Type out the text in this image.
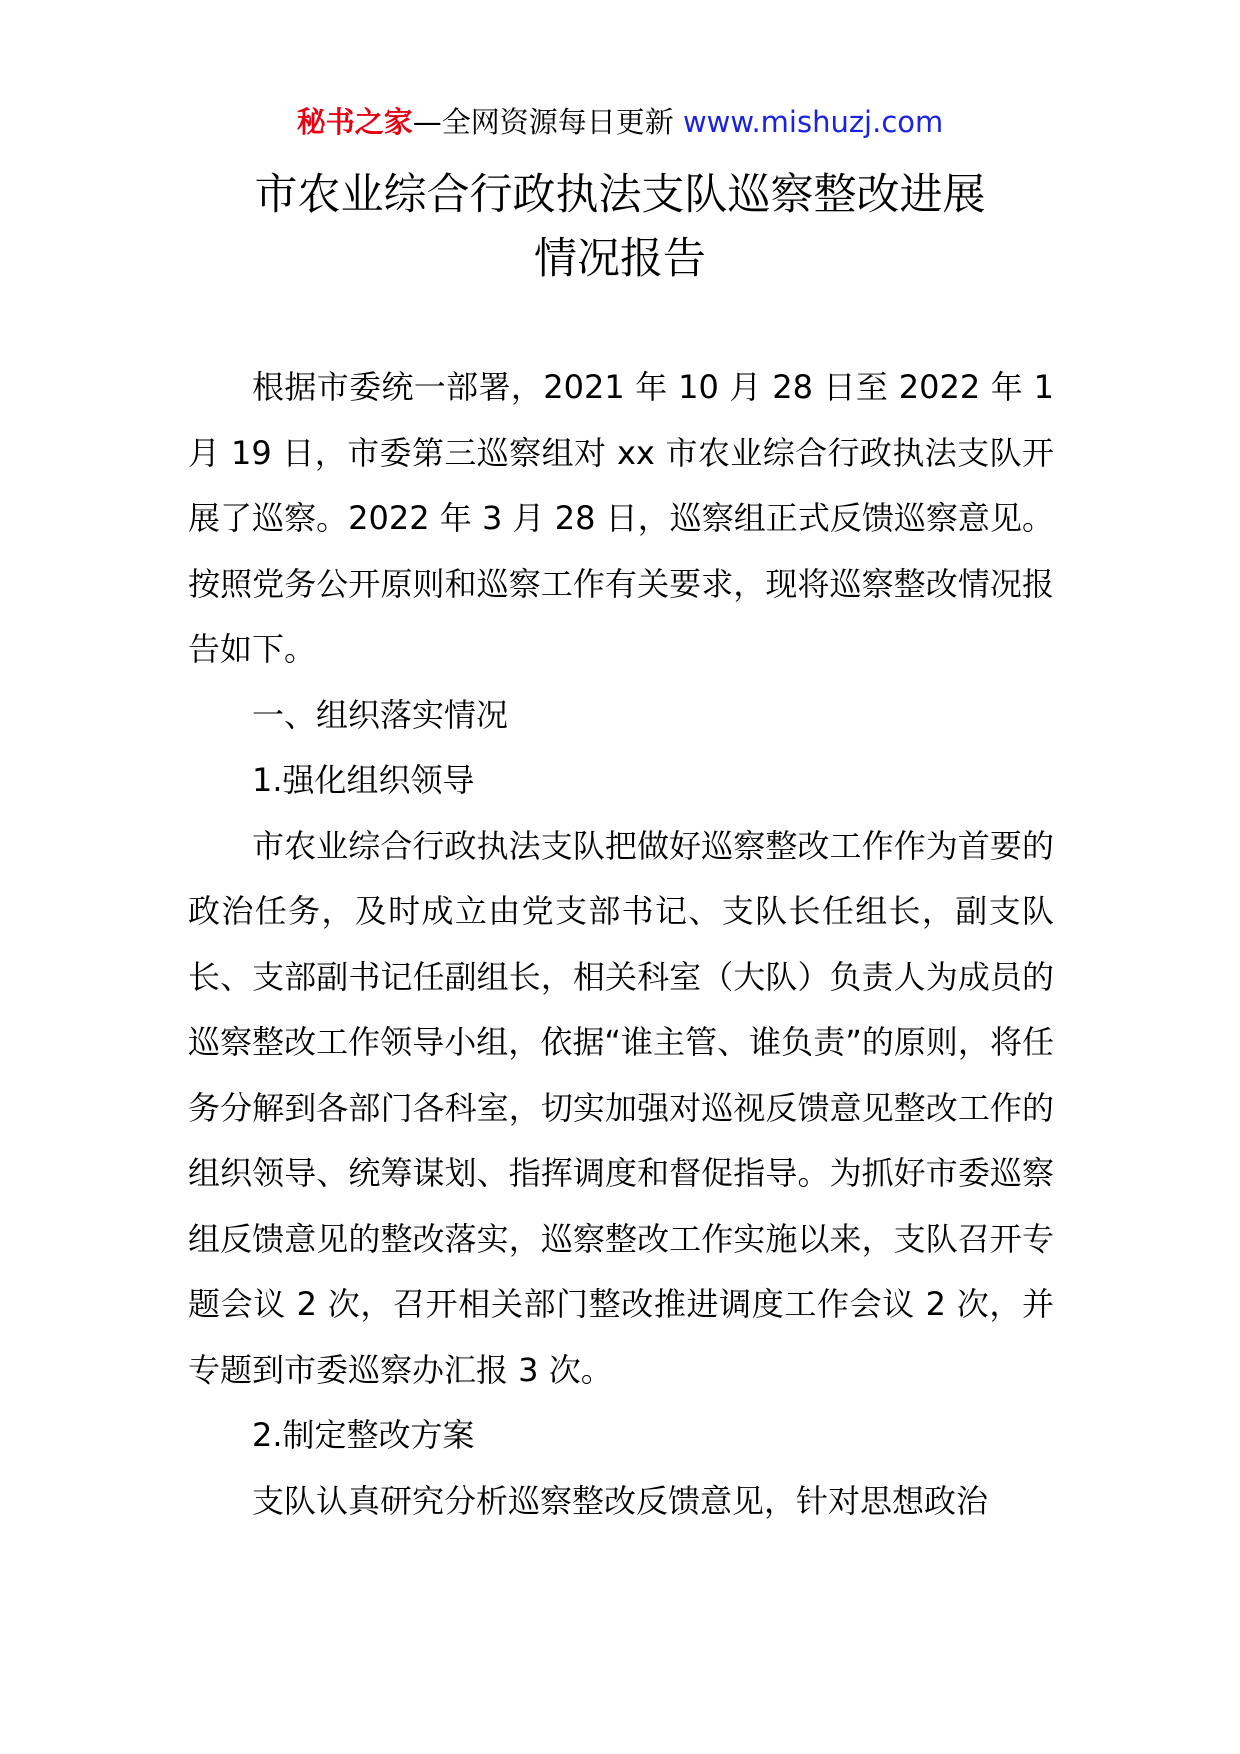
秘书之家—全网资源每日更新 www.mishuzj.com
市农业综合行政执法支队巡察整改进展
情况报告

根据市委统一部署，2021 年 10 月 28 日至 2022 年 1 月 19 日，市委第三巡察组对 xx 市农业综合行政执法支队开展了巡察。2022 年 3 月 28 日，巡察组正式反馈巡察意见。按照党务公开原则和巡察工作有关要求，现将巡察整改情况报告如下。

一、组织落实情况

1.强化组织领导

市农业综合行政执法支队把做好巡察整改工作作为首要的政治任务，及时成立由党支部书记、支队长任组长，副支队长、支部副书记任副组长，相关科室（大队）负责人为成员的巡察整改工作领导小组，依据“谁主管、谁负责”的原则，将任务分解到各部门各科室，切实加强对巡视反馈意见整改工作的组织领导、统筹谋划、指挥调度和督促指导。为抓好市委巡察组反馈意见的整改落实，巡察整改工作实施以来，支队召开专题会议 2 次，召开相关部门整改推进调度工作会议 2 次，并专题到市委巡察办汇报 3 次。

2.制定整改方案

支队认真研究分析巡察整改反馈意见，针对思想政治
